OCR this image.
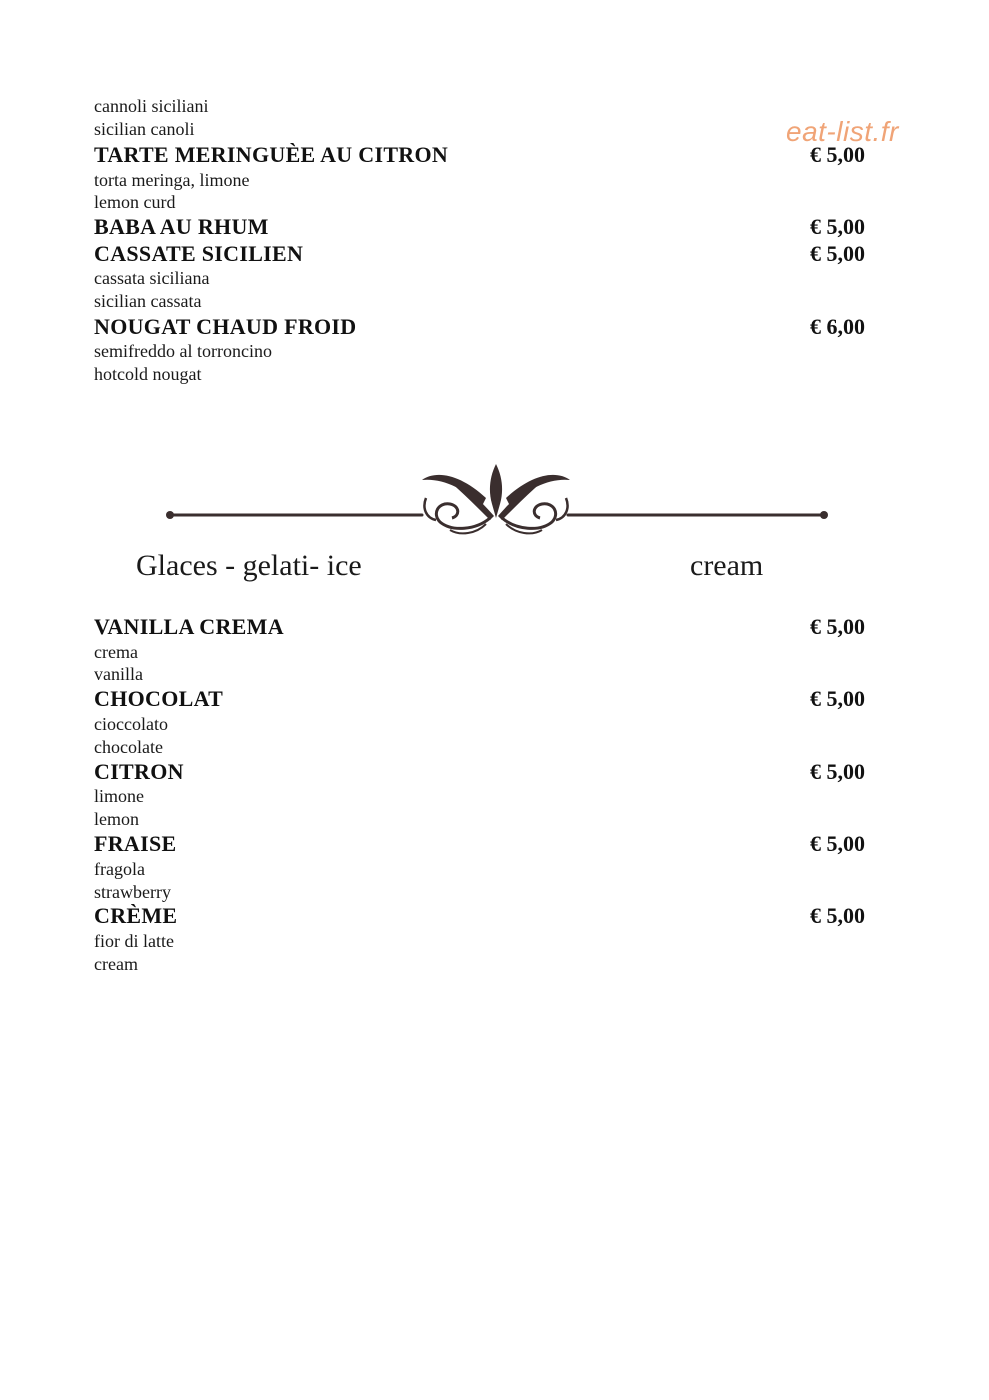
eat-list.fr
cannoli siciliani
sicilian canoli
TARTE MERINGUÈE AU CITRON	€ 5,00
torta meringa, limone
lemon curd
BABA AU RHUM	€ 5,00
CASSATE SICILIEN	€ 5,00
cassata siciliana
sicilian cassata
NOUGAT CHAUD FROID	€ 6,00
semifreddo al torroncino
hotcold nougat
Glaces - gelati- ice	cream
VANILLA CREMA	€ 5,00
crema
vanilla
CHOCOLAT	€ 5,00
cioccolato
chocolate
CITRON	€ 5,00
limone
lemon
FRAISE	€ 5,00
fragola
strawberry
CRÈME	€ 5,00
fior di latte
cream
